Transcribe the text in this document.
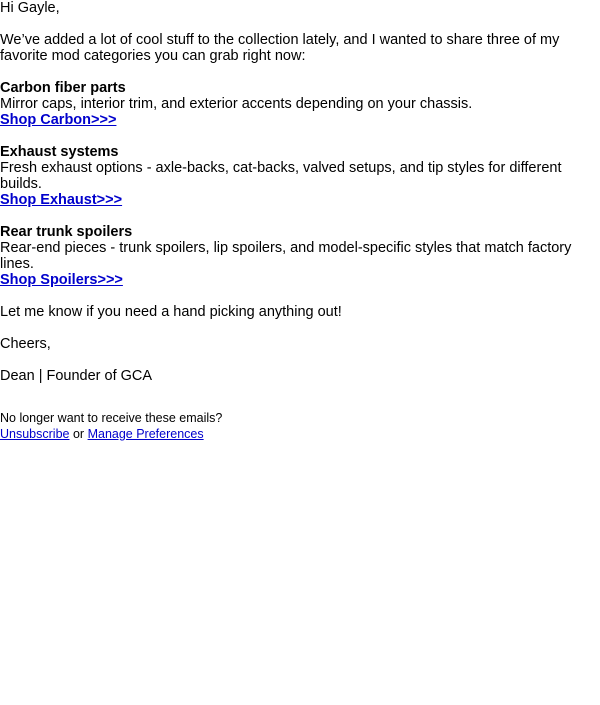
Hi Gayle,

We’ve added a lot of cool stuff to the collection lately, and I wanted to share three of my favorite mod categories you can grab right now:

Carbon fiber parts
Mirror caps, interior trim, and exterior accents depending on your chassis.
Shop Carbon>>>
Exhaust systems
Fresh exhaust options - axle-backs, cat-backs, valved setups, and tip styles for different builds.
Shop Exhaust>>>
Rear trunk spoilers
Rear-end pieces - trunk spoilers, lip spoilers, and model-specific styles that match factory lines.
Shop Spoilers>>>

Let me know if you need a hand picking anything out!

Cheers,

Dean | Founder of GCA

No longer want to receive these emails?
Unsubscribe or Manage Preferences
